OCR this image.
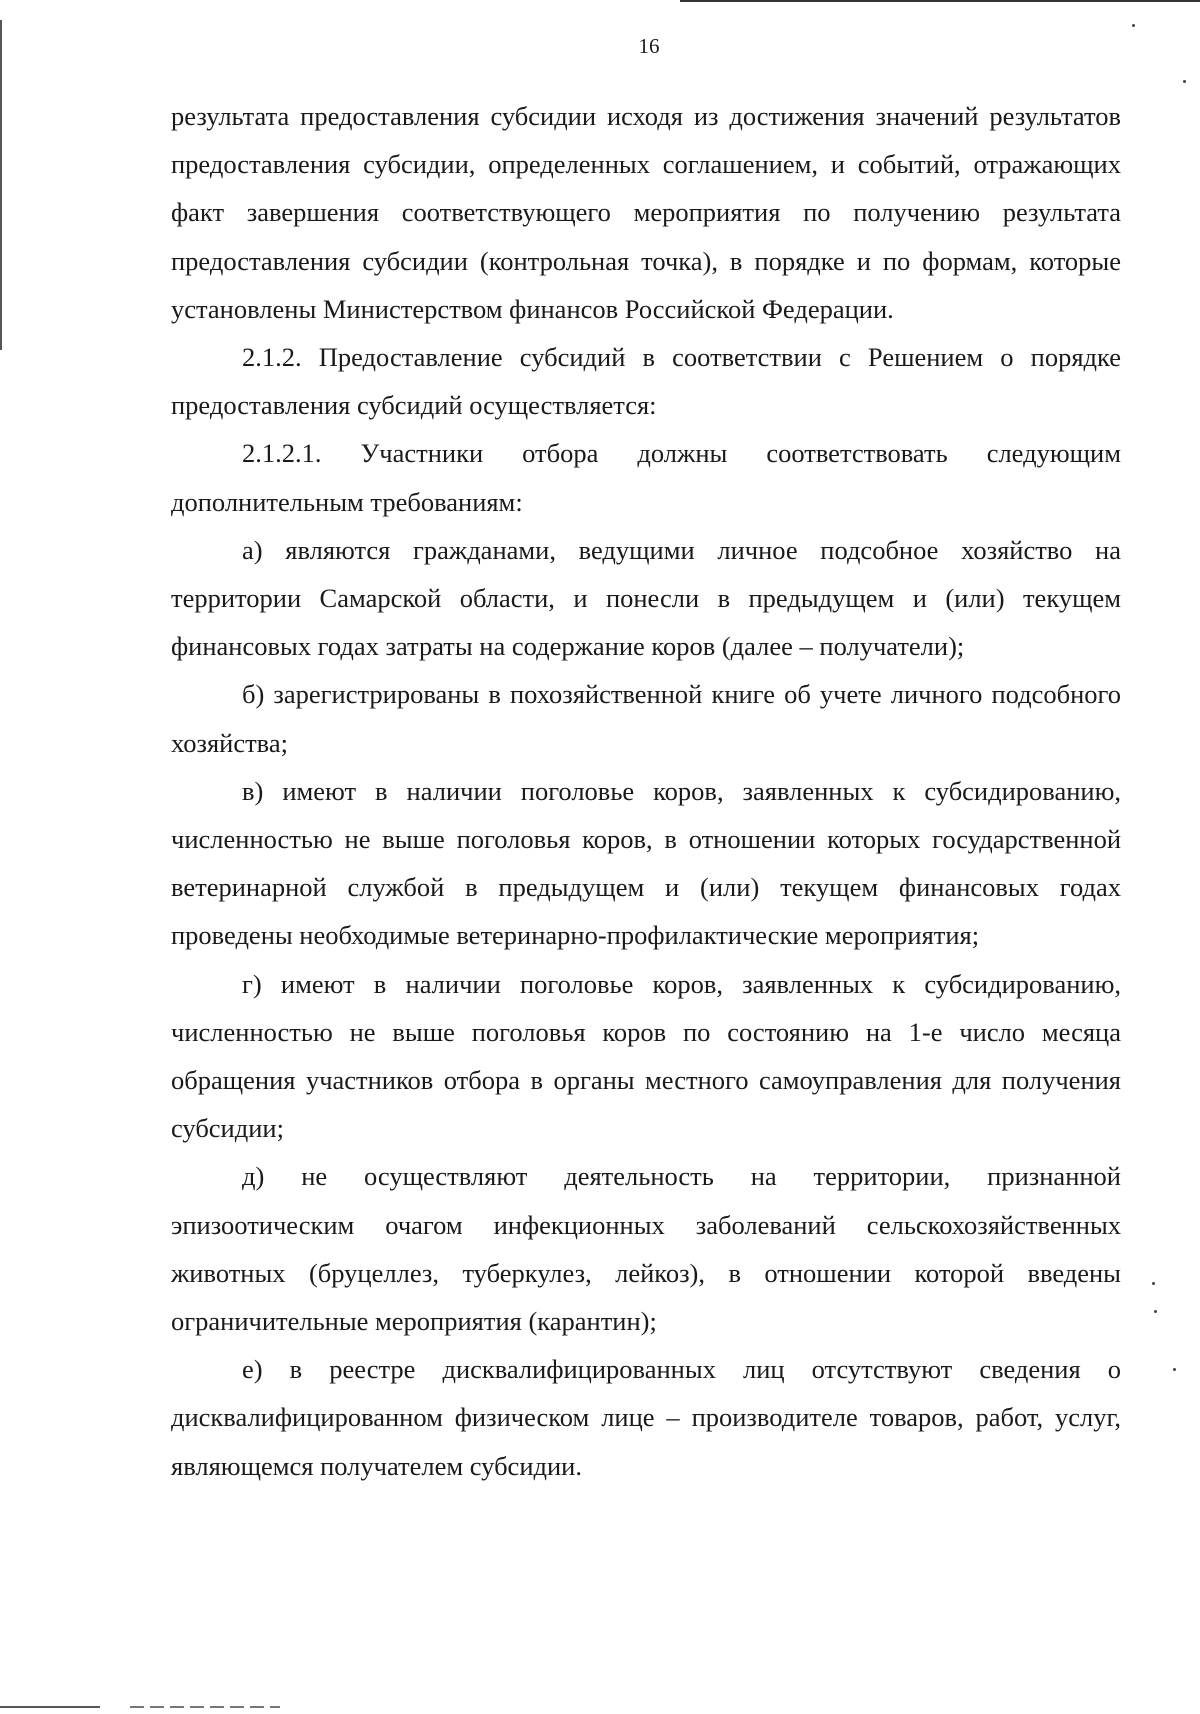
16

результата предоставления субсидии исходя из достижения значений результатов предоставления субсидии, определенных соглашением, и событий, отражающих факт завершения соответствующего мероприятия по получению результата предоставления субсидии (контрольная точка), в порядке и по формам, которые установлены Министерством финансов Российской Федерации.

2.1.2. Предоставление субсидий в соответствии с Решением о порядке предоставления субсидий осуществляется:

2.1.2.1. Участники отбора должны соответствовать следующим дополнительным требованиям:

а) являются гражданами, ведущими личное подсобное хозяйство на территории Самарской области, и понесли в предыдущем и (или) текущем финансовых годах затраты на содержание коров (далее – получатели);

б) зарегистрированы в похозяйственной книге об учете личного подсобного хозяйства;

в) имеют в наличии поголовье коров, заявленных к субсидированию, численностью не выше поголовья коров, в отношении которых государственной ветеринарной службой в предыдущем и (или) текущем финансовых годах проведены необходимые ветеринарно-профилактические мероприятия;

г) имеют в наличии поголовье коров, заявленных к субсидированию, численностью не выше поголовья коров по состоянию на 1-е число месяца обращения участников отбора в органы местного самоуправления для получения субсидии;

д) не осуществляют деятельность на территории, признанной эпизоотическим очагом инфекционных заболеваний сельскохозяйственных животных (бруцеллез, туберкулез, лейкоз), в отношении которой введены ограничительные мероприятия (карантин);

е) в реестре дисквалифицированных лиц отсутствуют сведения о дисквалифицированном физическом лице – производителе товаров, работ, услуг, являющемся получателем субсидии.
